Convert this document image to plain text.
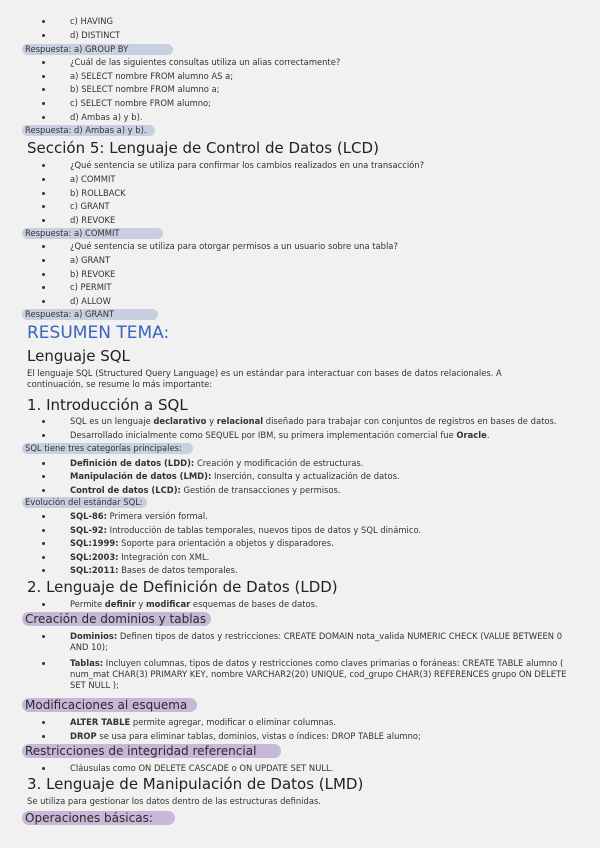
c) HAVING
d) DISTINCT
Respuesta: a) GROUP BY
¿Cuál de las siguientes consultas utiliza un alias correctamente?
a) SELECT nombre FROM alumno AS a;
b) SELECT nombre FROM alumno a;
c) SELECT nombre FROM alumno;
d) Ambas a) y b).
Respuesta: d) Ambas a) y b).
Sección 5: Lenguaje de Control de Datos (LCD)
¿Qué sentencia se utiliza para confirmar los cambios realizados en una transacción?
a) COMMIT
b) ROLLBACK
c) GRANT
d) REVOKE
Respuesta: a) COMMIT
¿Qué sentencia se utiliza para otorgar permisos a un usuario sobre una tabla?
a) GRANT
b) REVOKE
c) PERMIT
d) ALLOW
Respuesta: a) GRANT
RESUMEN TEMA:
Lenguaje SQL
El lenguaje SQL (Structured Query Language) es un estándar para interactuar con bases de datos relacionales. A continuación, se resume lo más importante:
1. Introducción a SQL
SQL es un lenguaje declarativo y relacional diseñado para trabajar con conjuntos de registros en bases de datos.
Desarrollado inicialmente como SEQUEL por IBM, su primera implementación comercial fue Oracle.
SQL tiene tres categorías principales:
Definición de datos (LDD): Creación y modificación de estructuras.
Manipulación de datos (LMD): Inserción, consulta y actualización de datos.
Control de datos (LCD): Gestión de transacciones y permisos.
Evolución del estándar SQL:
SQL-86: Primera versión formal.
SQL-92: Introducción de tablas temporales, nuevos tipos de datos y SQL dinámico.
SQL:1999: Soporte para orientación a objetos y disparadores.
SQL:2003: Integración con XML.
SQL:2011: Bases de datos temporales.
2. Lenguaje de Definición de Datos (LDD)
Permite definir y modificar esquemas de bases de datos.
Creación de dominios y tablas
Dominios: Definen tipos de datos y restricciones: CREATE DOMAIN nota_valida NUMERIC CHECK (VALUE BETWEEN 0 AND 10);
Tablas: Incluyen columnas, tipos de datos y restricciones como claves primarias o foráneas: CREATE TABLE alumno ( num_mat CHAR(3) PRIMARY KEY, nombre VARCHAR2(20) UNIQUE, cod_grupo CHAR(3) REFERENCES grupo ON DELETE SET NULL );
Modificaciones al esquema
ALTER TABLE permite agregar, modificar o eliminar columnas.
DROP se usa para eliminar tablas, dominios, vistas o índices: DROP TABLE alumno;
Restricciones de integridad referencial
Cláusulas como ON DELETE CASCADE o ON UPDATE SET NULL.
3. Lenguaje de Manipulación de Datos (LMD)
Se utiliza para gestionar los datos dentro de las estructuras definidas.
Operaciones básicas:
